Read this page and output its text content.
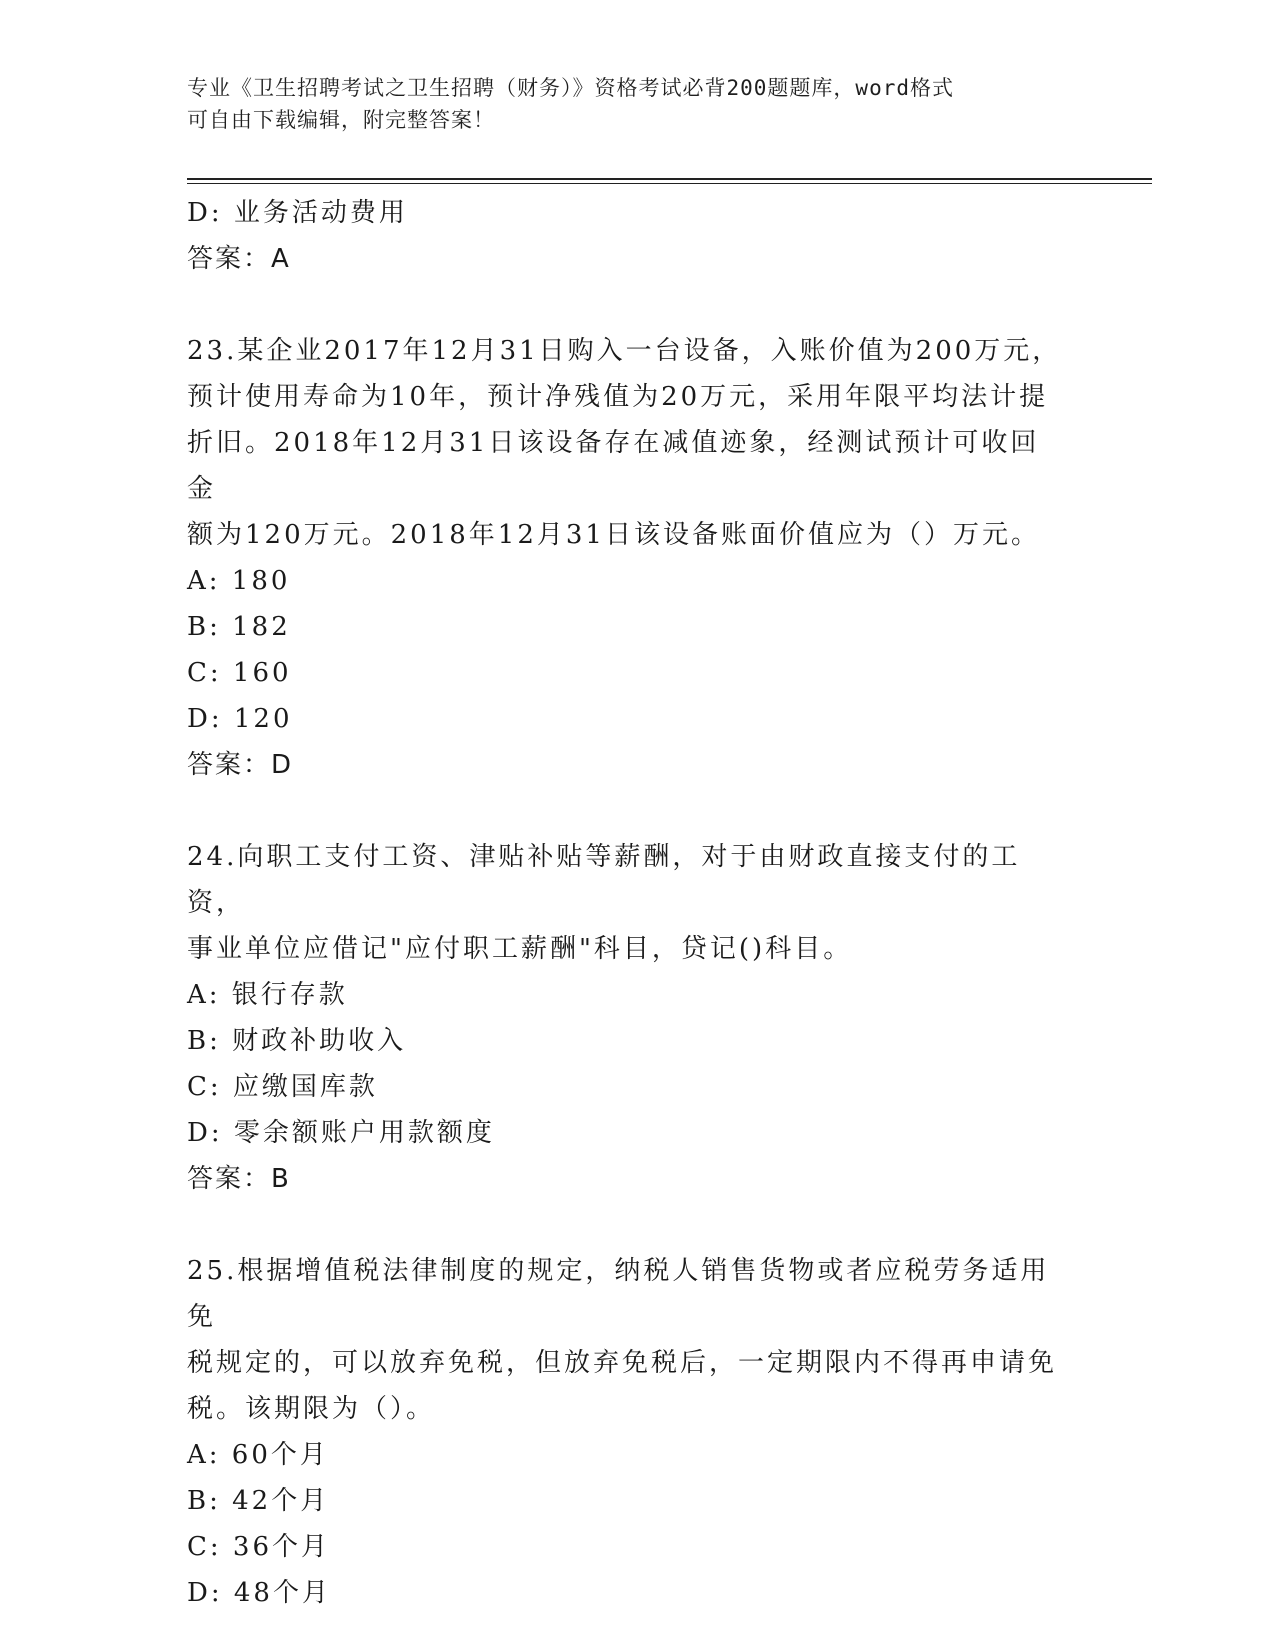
专业《卫生招聘考试之卫生招聘（财务）》资格考试必背200题题库，word格式
可自由下载编辑，附完整答案！

D: 业务活动费用

答案：A

23.某企业2017年12月31日购入一台设备，入账价值为200万元，

预计使用寿命为10年，预计净残值为20万元，采用年限平均法计提

折旧。2018年12月31日该设备存在减值迹象，经测试预计可收回金

额为120万元。2018年12月31日该设备账面价值应为（）万元。

A: 180

B: 182

C: 160

D: 120

答案：D

24.向职工支付工资、津贴补贴等薪酬，对于由财政直接支付的工资，

事业单位应借记"应付职工薪酬"科目，贷记()科目。

A: 银行存款

B: 财政补助收入

C: 应缴国库款

D: 零余额账户用款额度

答案：B

25.根据增值税法律制度的规定，纳税人销售货物或者应税劳务适用免

税规定的，可以放弃免税，但放弃免税后，一定期限内不得再申请免

税。该期限为（）。

A: 60个月

B: 42个月

C: 36个月

D: 48个月
